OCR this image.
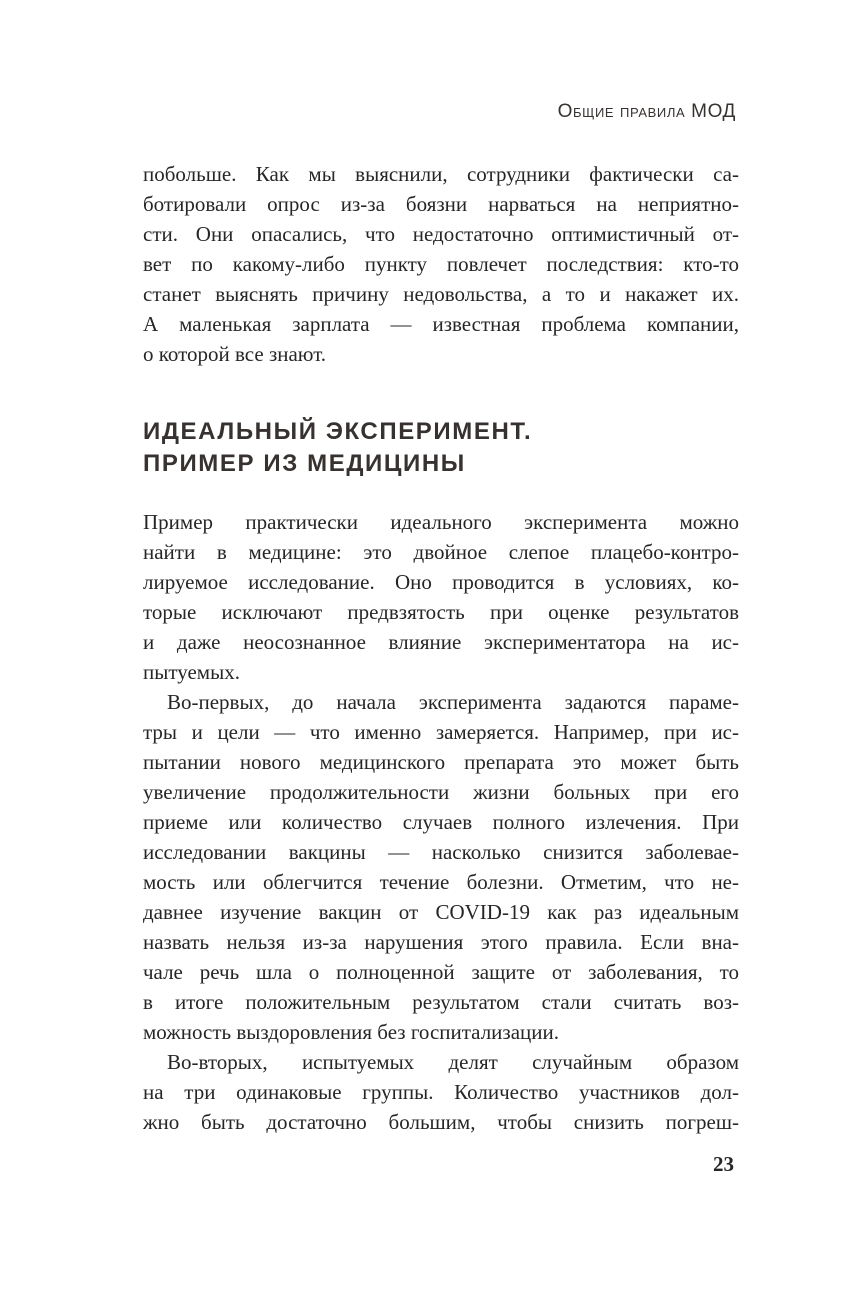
Общие правила МОД
побольше. Как мы выяснили, сотрудники фактически са-
ботировали опрос из-за боязни нарваться на неприятно-
сти. Они опасались, что недостаточно оптимистичный от-
вет по какому-либо пункту повлечет последствия: кто-то
станет выяснять причину недовольства, а то и накажет их.
А маленькая зарплата — известная проблема компании,
о которой все знают.
ИДЕАЛЬНЫЙ ЭКСПЕРИМЕНТ.
ПРИМЕР ИЗ МЕДИЦИНЫ
Пример практически идеального эксперимента можно
найти в медицине: это двойное слепое плацебо-контро-
лируемое исследование. Оно проводится в условиях, ко-
торые исключают предвзятость при оценке результатов
и даже неосознанное влияние экспериментатора на ис-
пытуемых.
Во-первых, до начала эксперимента задаются параме-
тры и цели — что именно замеряется. Например, при ис-
пытании нового медицинского препарата это может быть
увеличение продолжительности жизни больных при его
приеме или количество случаев полного излечения. При
исследовании вакцины — насколько снизится заболевае-
мость или облегчится течение болезни. Отметим, что не-
давнее изучение вакцин от COVID-19 как раз идеальным
назвать нельзя из-за нарушения этого правила. Если вна-
чале речь шла о полноценной защите от заболевания, то
в итоге положительным результатом стали считать воз-
можность выздоровления без госпитализации.
Во-вторых, испытуемых делят случайным образом
на три одинаковые группы. Количество участников дол-
жно быть достаточно большим, чтобы снизить погреш-
23
